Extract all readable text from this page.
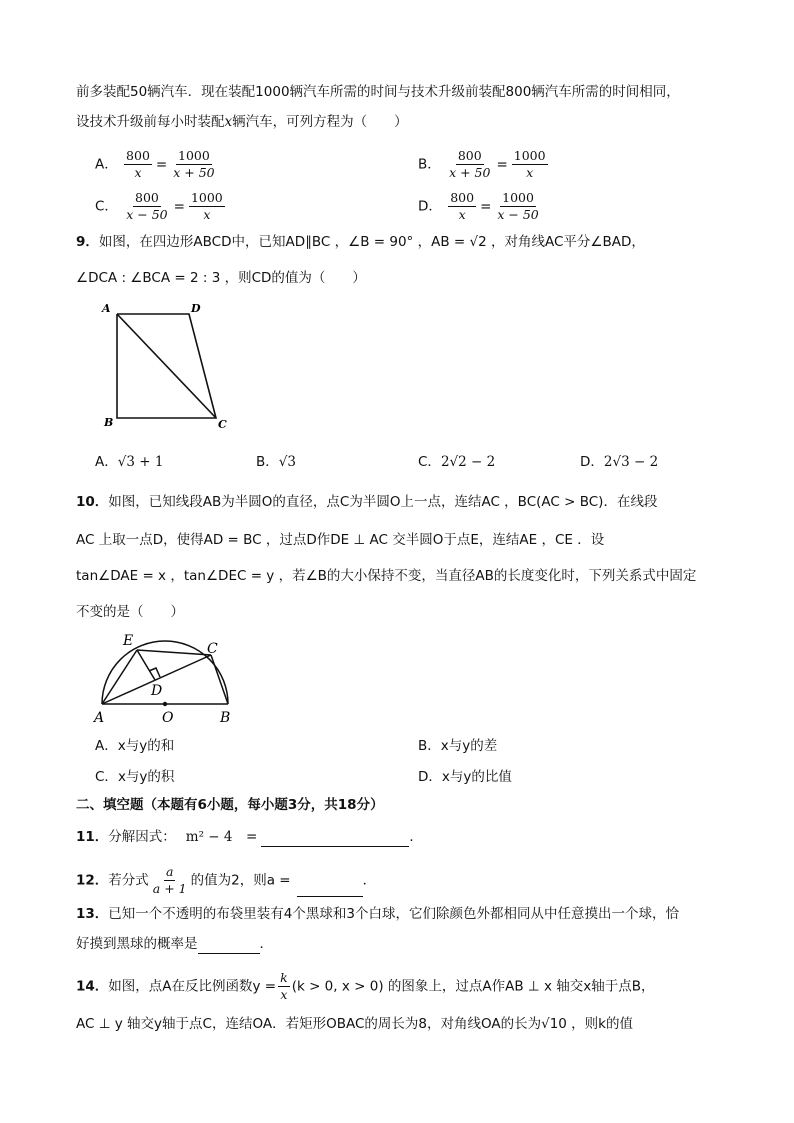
前多装配50辆汽车．现在装配1000辆汽车所需的时间与技术升级前装配800辆汽车所需的时间相同，
设技术升级前每小时装配x辆汽车，可列方程为（　　）
A． $\frac{800}{x} = \frac{1000}{x + 50}$	B． $\frac{800}{x + 50} = \frac{1000}{x}$
C． $\frac{800}{x - 50} = \frac{1000}{x}$	D． $\frac{800}{x} = \frac{1000}{x - 50}$
9．如图，在四边形ABCD中，已知AD∥BC ，∠B = 90° ，AB = √2 ，对角线AC平分∠BAD，
∠DCA : ∠BCA = 2 : 3 ，则CD的值为（　　）
A	D
B	C
A．√3 + 1	B．√3	C．2√2 − 2	D．2√3 − 2
10．如图，已知线段AB为半圆O的直径，点C为半圆O上一点，连结AC ，BC(AC > BC)．在线段
AC 上取一点D，使得AD = BC ，过点D作DE ⊥ AC 交半圆O于点E，连结AE ，CE ．设
tan∠DAE = x ，tan∠DEC = y ，若∠B的大小保持不变，当直径AB的长度变化时，下列关系式中固定
不变的是（　　）
E	C
D
A	O	B
A．x与y的和	B．x与y的差
C．x与y的积	D．x与y的比值
二、填空题（本题有6小题，每小题3分，共18分）
11．分解因式： m² − 4　=	．
12．若分式 $\frac{a}{a + 1}$ 的值为2，则a =	．
13．已知一个不透明的布袋里装有4个黑球和3个白球，它们除颜色外都相同从中任意摸出一个球，恰
好摸到黑球的概率是	．
14．如图，点A在反比例函数$y = \frac{k}{x} (k > 0$, x > 0) 的图象上，过点A作AB ⊥ x 轴交x轴于点B，
AC ⊥ y 轴交y轴于点C，连结OA．若矩形OBAC的周长为8，对角线OA的长为√10 ，则k的值
